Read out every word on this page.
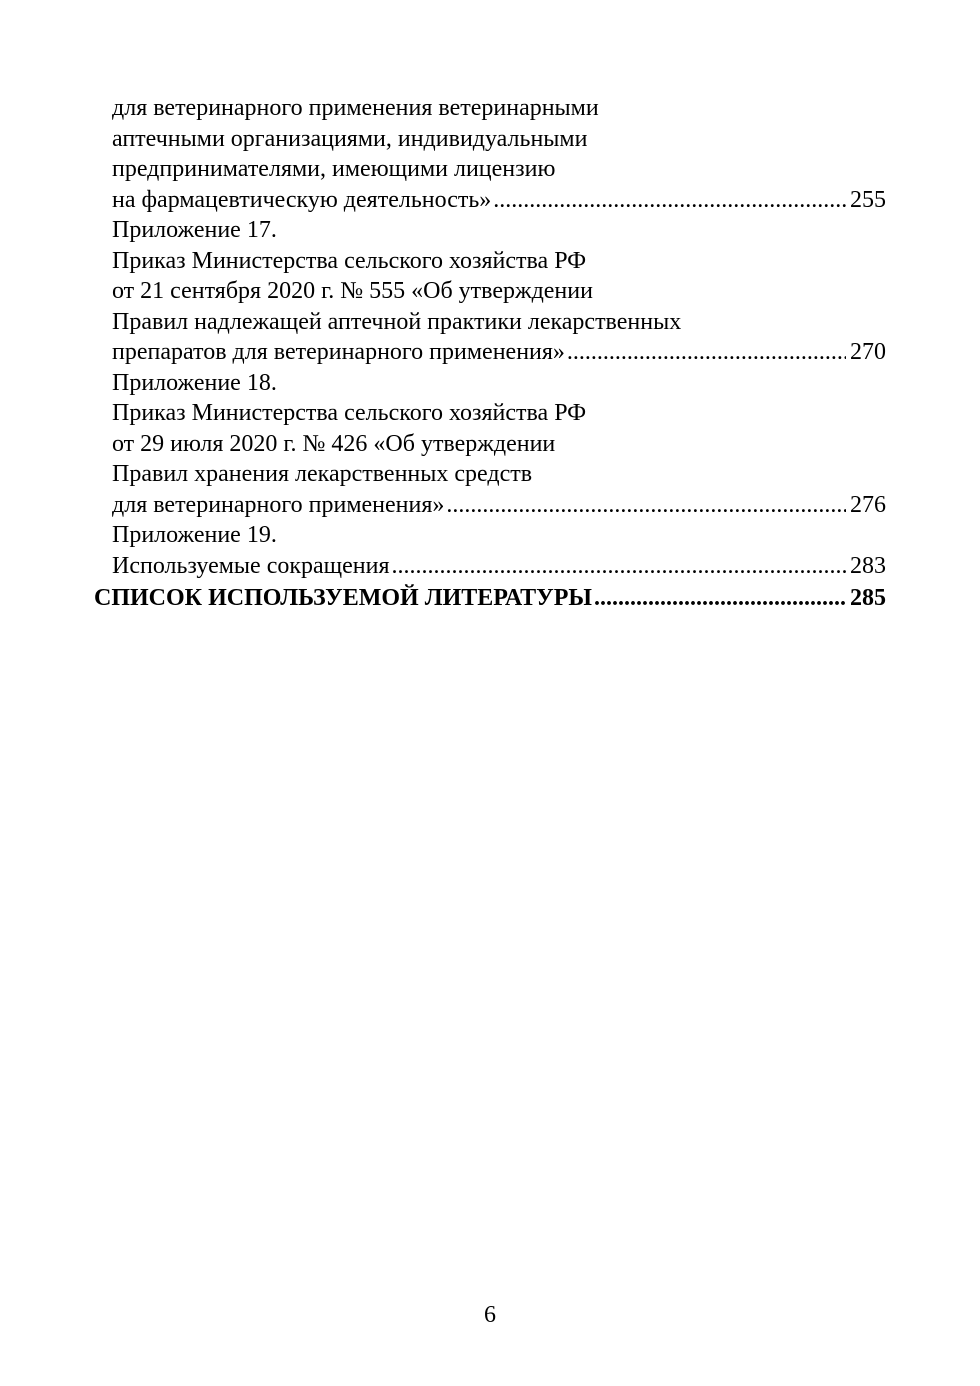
для ветеринарного применения ветеринарными
аптечными организациями, индивидуальными
предпринимателями, имеющими лицензию
на фармацевтическую деятельность» .....	255
Приложение 17.
Приказ Министерства сельского хозяйства РФ
от 21 сентября 2020 г. № 555 «Об утверждении
Правил надлежащей аптечной практики лекарственных
препаратов для ветеринарного применения» .....	270
Приложение 18.
Приказ Министерства сельского хозяйства РФ
от 29 июля 2020 г. № 426 «Об утверждении
Правил хранения лекарственных средств
для ветеринарного применения» .....	276
Приложение 19.
Используемые сокращения .....	283
СПИСОК ИСПОЛЬЗУЕМОЙ ЛИТЕРАТУРЫ .....	285
6
